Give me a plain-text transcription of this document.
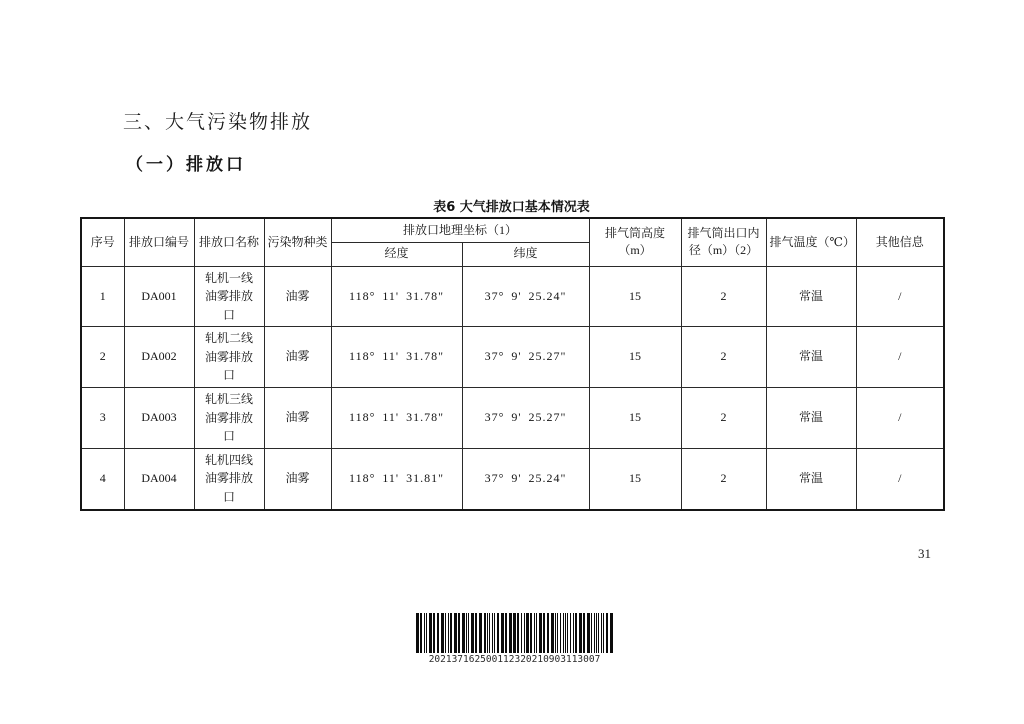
三、大气污染物排放
（一）排放口
表6 大气排放口基本情况表
序号	排放口编号	排放口名称	污染物种类	排放口地理坐标（1）		排气筒高度（m）	排气筒出口内径（m）（2）	排气温度（℃）	其他信息
				经度	纬度				
1	DA001	轧机一线油雾排放口	油雾	118° 11' 31.78"	37° 9' 25.24"	15	2	常温	/
2	DA002	轧机二线油雾排放口	油雾	118° 11' 31.78"	37° 9' 25.27"	15	2	常温	/
3	DA003	轧机三线油雾排放口	油雾	118° 11' 31.78"	37° 9' 25.27"	15	2	常温	/
4	DA004	轧机四线油雾排放口	油雾	118° 11' 31.81"	37° 9' 25.24"	15	2	常温	/
31
202137162500112320210903113007
